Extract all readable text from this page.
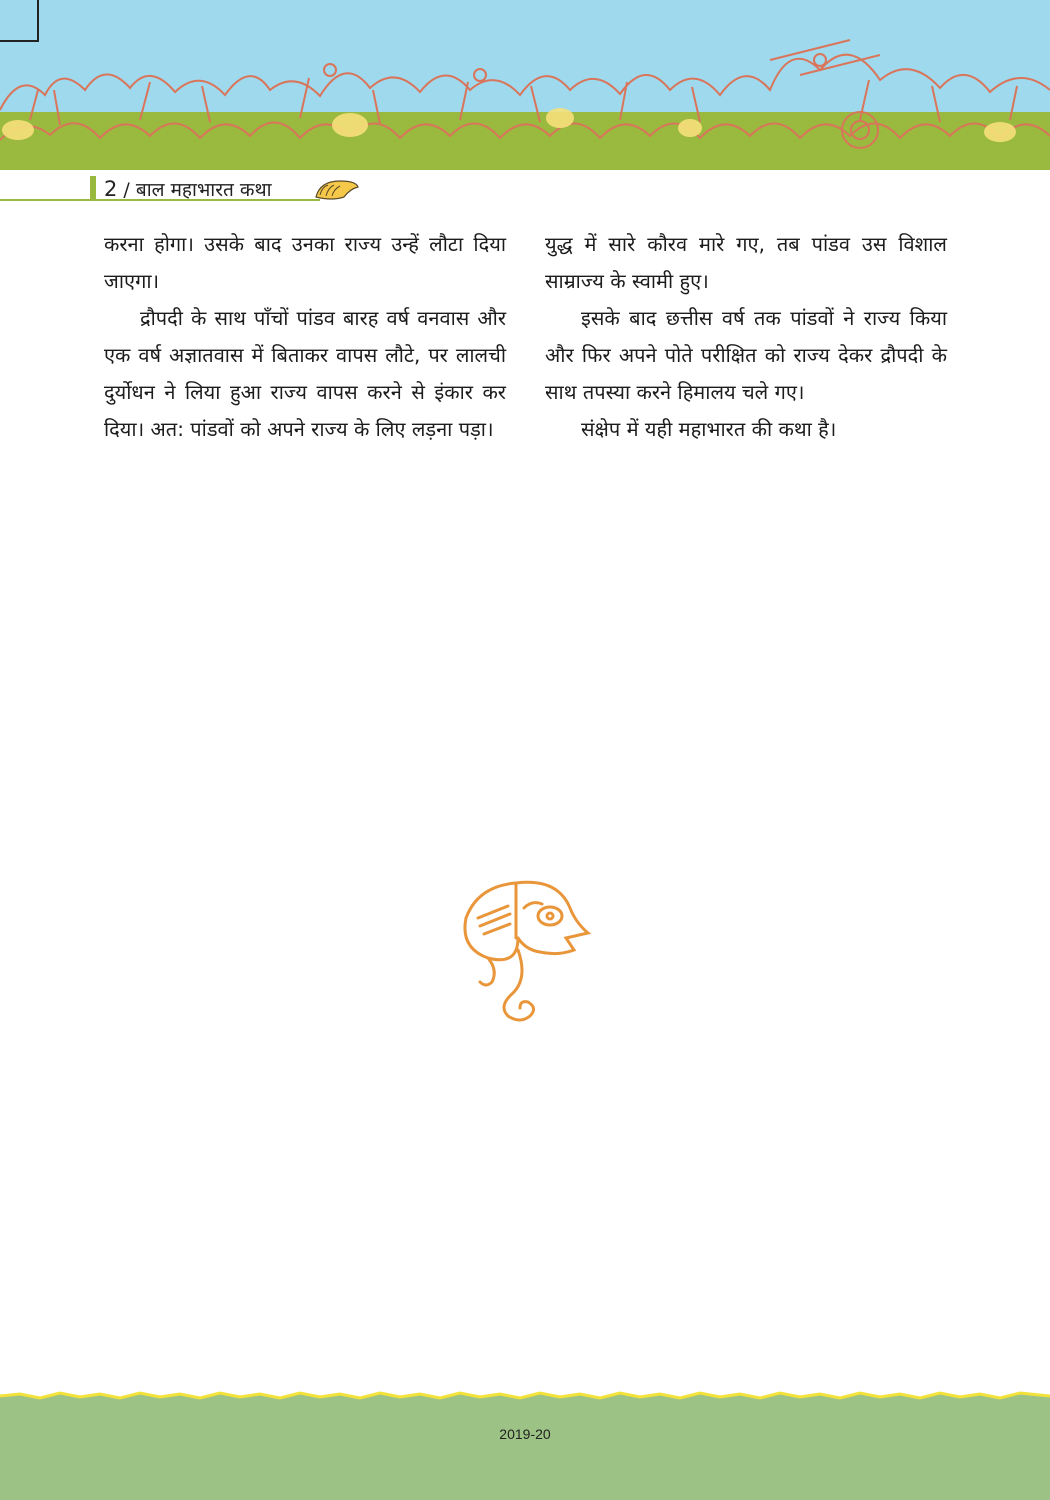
2 / बाल महाभारत कथा

करना होगा। उसके बाद उनका राज्य उन्हें लौटा दिया जाएगा।

द्रौपदी के साथ पाँचों पांडव बारह वर्ष वनवास और एक वर्ष अज्ञातवास में बिताकर वापस लौटे, पर लालची दुर्योधन ने लिया हुआ राज्य वापस करने से इंकार कर दिया। अत: पांडवों को अपने राज्य के लिए लड़ना पड़ा।

युद्ध में सारे कौरव मारे गए, तब पांडव उस विशाल साम्राज्य के स्वामी हुए।

इसके बाद छत्तीस वर्ष तक पांडवों ने राज्य किया और फिर अपने पोते परीक्षित को राज्य देकर द्रौपदी के साथ तपस्या करने हिमालय चले गए।

संक्षेप में यही महाभारत की कथा है।

2019-20
